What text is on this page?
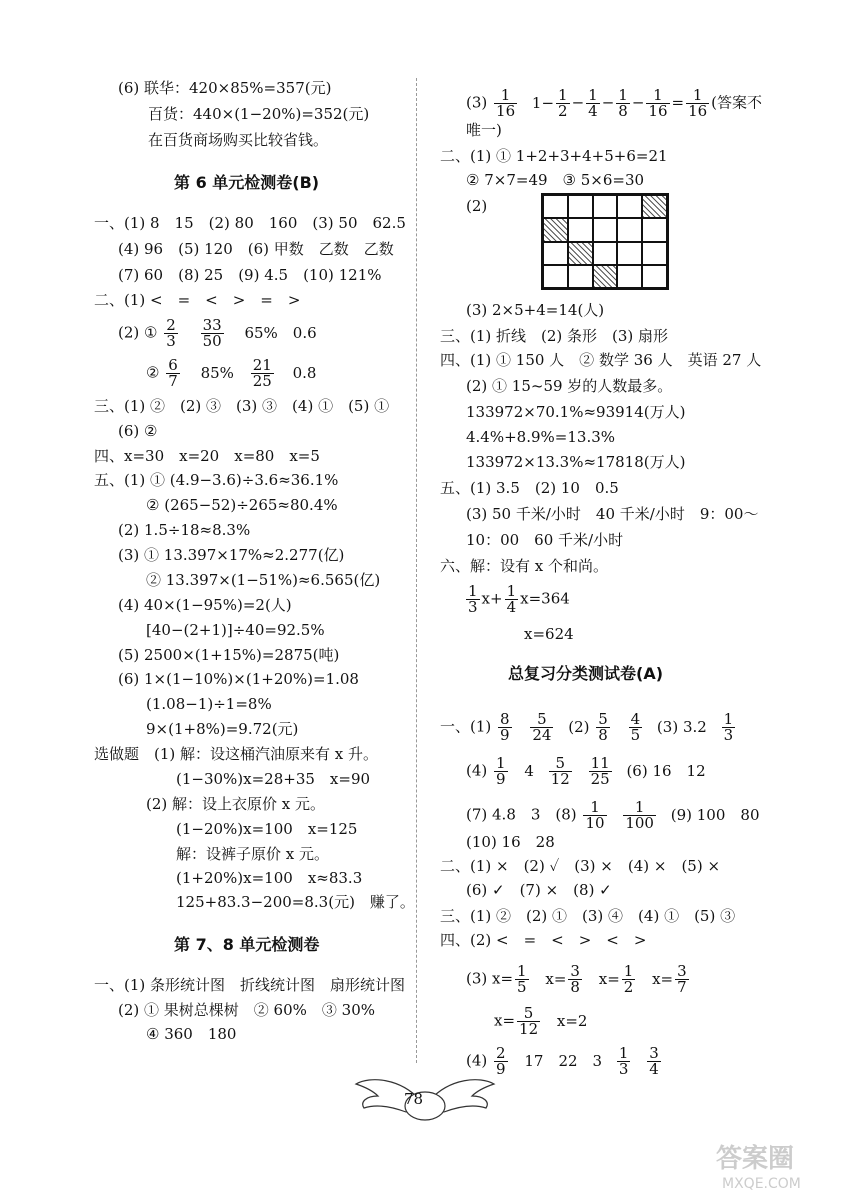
(6) 联华：420×85%=357(元)
百货：440×(1−20%)=352(元)
在百货商场购买比较省钱。
第 6 单元检测卷(B)
一、(1) 8　15　(2) 80　160　(3) 50　62.5
(4) 96　(5) 120　(6) 甲数　乙数　乙数
(7) 60　(8) 25　(9) 4.5　(10) 121%
二、(1) <　=　<　>　=　>
(2) ① $\frac{2}{3}$
$\frac{33}{50} 65\%$　0.6
② $\frac{6}{7} 85\% \frac{21}{25} 0.8$
三、(1) ②　(2) ③　(3) ③　(4) ①　(5) ①
(6) ②
四、x=30　x=20　x=80　x=5
五、(1) ① (4.9−3.6)÷3.6≈36.1%
② (265−52)÷265≈80.4%
(2) 1.5÷18≈8.3%
(3) ① 13.397×17%≈2.277(亿)
② 13.397×(1−51%)≈6.565(亿)
(4) 40×(1−95%)=2(人)
[40−(2+1)]÷40=92.5%
(5) 2500×(1+15%)=2875(吨)
(6) 1×(1−10%)×(1+20%)=1.08
(1.08−1)÷1=8%
9×(1+8%)=9.72(元)
选做题　(1) 解：设这桶汽油原来有 x 升。
(1−30%)x=28+35　x=90
(2) 解：设上衣原价 x 元。
(1−20%)x=100　x=125
解：设裤子原价 x 元。
(1+20%)x=100　x≈83.3
125+83.3−200=8.3(元)　赚了。
第 7、8 单元检测卷
一、(1) 条形统计图　折线统计图　扇形统计图
(2) ① 果树总棵树　② 60%　③ 30%
④ 360　180
$(3) \frac{1}{16} 1- \frac{1}{2} - \frac{1}{4} - \frac{1}{8} - \frac{1}{16} = \frac{1}{16}$ (答案不
唯一)
二、(1) ① 1+2+3+4+5+6=21
② 7×7=49　③ 5×6=30
(2)
(3) 2×5+4=14(人)
三、(1) 折线　(2) 条形　(3) 扇形
四、(1) ① 150 人　② 数学 36 人　英语 27 人
(2) ① 15~59 岁的人数最多。
133972×70.1%≈93914(万人)
4.4%+8.9%=13.3%
133972×13.3%≈17818(万人)
五、(1) 3.5　(2) 10　0.5
(3) 50 千米/小时　40 千米/小时　9：00～
10：00　60 千米/小时
六、解：设有 x 个和尚。
$\frac{1}{3} x+ \frac{1}{4} x=364$
x=624
总复习分类测试卷(A)
一、$(1) \frac{8}{9}$
$\frac{5}{24} (2) \frac{5}{8}$
$\frac{4}{5} (3)$ $3.2 \frac{1}{3}$
$(4) \frac{1}{9} 4 \frac{5}{12}$
$\frac{11}{25} (6)$ 16　12
(7) 4.8　3　$(8) \frac{1}{10}$
$\frac{1}{100} (9)$ 100　80
(10) 16　28
二、(1) ×　(2) ✓　(3) ×　(4) ×　(5) ×
(6) ✓　(7) ×　(8) ✓
三、(1) ②　(2) ①　(3) ④　(4) ①　(5) ③
四、(2) <　=　<　>　<　>
(3) $x= \frac{1}{5} x= \frac{3}{8} x= \frac{1}{2} x= \frac{3}{7}$
$x= \frac{5}{12} x=2$
$(4) \frac{2}{9} 17$　22　$3 \frac{1}{3}$
$\frac{3}{4}$
78
答案圈
MXQE.COM
